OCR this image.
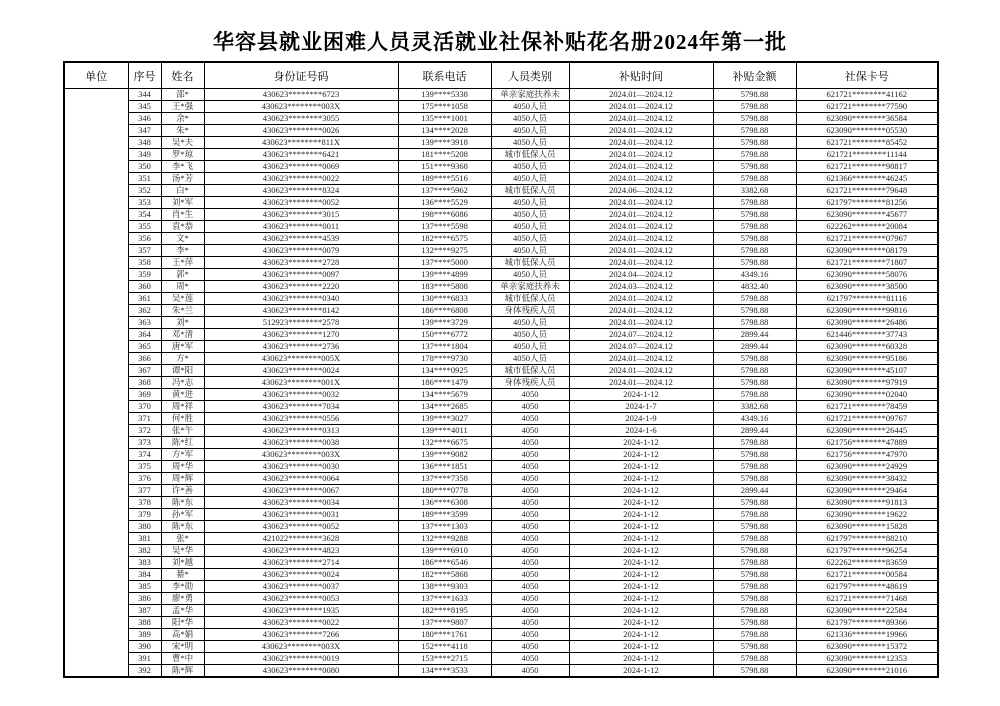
华容县就业困难人员灵活就业社保补贴花名册2024年第一批
单位	序号	姓名	身份证号码	联系电话	人员类别	补贴时间	补贴金额	社保卡号
	344	邵*	430623********6723	139****5338	单亲家庭扶养未	2024.01—2024.12	5798.88	621721********41162
	345	王*强	430623********003X	175****1058	4050人员	2024.01—2024.12	5798.88	621721********77590
	346	余*	430623********3055	135****1001	4050人员	2024.01—2024.12	5798.88	623090********36584
	347	朱*	430623********0026	134****2028	4050人员	2024.01—2024.12	5798.88	623090********05530
	348	吴*夫	430623********811X	139****3918	4050人员	2024.01—2024.12	5798.88	621721********85452
	349	罗*琼	430623********6421	181****5208	城市低保人员	2024.01—2024.12	5798.88	621721********11144
	350	李*飞	430623********0069	151****9368	4050人员	2024.01—2024.12	5798.88	621721********98817
	351	汤*芳	430623********0022	189****5516	4050人员	2024.01—2024.12	5798.88	621366********46245
	352	白*	430623********8324	137****5962	城市低保人员	2024.06—2024.12	3382.68	621721********79648
	353	刘*军	430623********0052	136****5529	4050人员	2024.01—2024.12	5798.88	621797********81256
	354	肖*生	430623********3015	198****6086	4050人员	2024.01—2024.12	5798.88	623090********45677
	355	袁*恭	430623********0011	137****5598	4050人员	2024.01—2024.12	5798.88	622262********20084
	356	文*	430623********4539	182****6575	4050人员	2024.01—2024.12	5798.88	621721********07967
	357	李*	430623********0079	132****9275	4050人员	2024.01—2024.12	5798.88	623090********08179
	358	王*萍	430623********2728	137****5000	城市低保人员	2024.01—2024.12	5798.88	621721********71807
	359	郭*	430623********0097	139****4899	4050人员	2024.04—2024.12	4349.16	623090********58076
	360	周*	430623********2220	183****5808	单亲家庭扶养未	2024.03—2024.12	4832.40	623090********38500
	361	吴*莲	430623********0340	130****6833	城市低保人员	2024.01—2024.12	5798.88	621797********81116
	362	朱*兰	430623********8142	186****6808	身体残疾人员	2024.01—2024.12	5798.88	623090********99816
	363	刘*	512923********2578	139****3729	4050人员	2024.01—2024.12	5798.88	623090********26486
	364	邓*清	430623********1270	150****6772	4050人员	2024.07—2024.12	2899.44	621446********37743
	365	唐*军	430623********2736	137****1804	4050人员	2024.07—2024.12	2899.44	623090********60328
	366	方*	430623********005X	178****9730	4050人员	2024.01—2024.12	5798.88	623090********95186
	367	谭*阳	430623********0024	134****0925	城市低保人员	2024.01—2024.12	5798.88	623090********45107
	368	冯*志	430623********001X	186****1479	身体残疾人员	2024.01—2024.12	5798.88	623090********97919
	369	黄*进	430623********0032	134****5679	4050	2024-1-12	5798.88	623090********02040
	370	周*祥	430623********7034	134****2685	4050	2024-1-7	3382.68	621721********78459
	371	何*胜	430623********0556	139****3027	4050	2024-1-9	4349.16	621721********09767
	372	张*午	430623********0313	139****4011	4050	2024-1-6	2899.44	623090********26445
	373	陈*红	430623********0038	132****6675	4050	2024-1-12	5798.88	621756********47889
	374	方*军	430623********003X	139****9082	4050	2024-1-12	5798.88	621756********47970
	375	周*华	430623********0030	136****1851	4050	2024-1-12	5798.88	623090********24929
	376	周*辉	430623********0064	137****7358	4050	2024-1-12	5798.88	623090********38432
	377	许*善	430623********0067	180****0778	4050	2024-1-12	2899.44	623090********29464
	378	陈*东	430623********0034	136****6308	4050	2024-1-12	5798.88	623090********91813
	379	孙*军	430623********0031	189****3599	4050	2024-1-12	5798.88	623090********19622
	380	陈*东	430623********0052	137****1303	4050	2024-1-12	5798.88	623090********15828
	381	张*	421022********3628	132****9288	4050	2024-1-12	5798.88	621797********88210
	382	吴*华	430623********4823	139****6910	4050	2024-1-12	5798.88	621797********96254
	383	刘*越	430623********2714	186****6546	4050	2024-1-12	5798.88	622262********83659
	384	綦*	430623********0024	182****5868	4050	2024-1-12	5798.88	621721********00584
	385	李*勋	430623********0037	138****9303	4050	2024-1-12	5798.88	621797********48619
	386	廖*勇	430623********0053	137****1633	4050	2024-1-12	5798.88	621721********71468
	387	孟*华	430623********1935	182****8195	4050	2024-1-12	5798.88	623090********22584
	388	阳*华	430623********0022	137****9807	4050	2024-1-12	5798.88	621797********89366
	389	高*娟	430623********7266	180****1761	4050	2024-1-12	5798.88	621336********19966
	390	宋*明	430623********003X	152****4118	4050	2024-1-12	5798.88	623090********15372
	391	曹*中	430623********0019	153****2715	4050	2024-1-12	5798.88	623090********12353
	392	陈*辉	430623********0080	134****3533	4050	2024-1-12	5798.88	623090********21016
